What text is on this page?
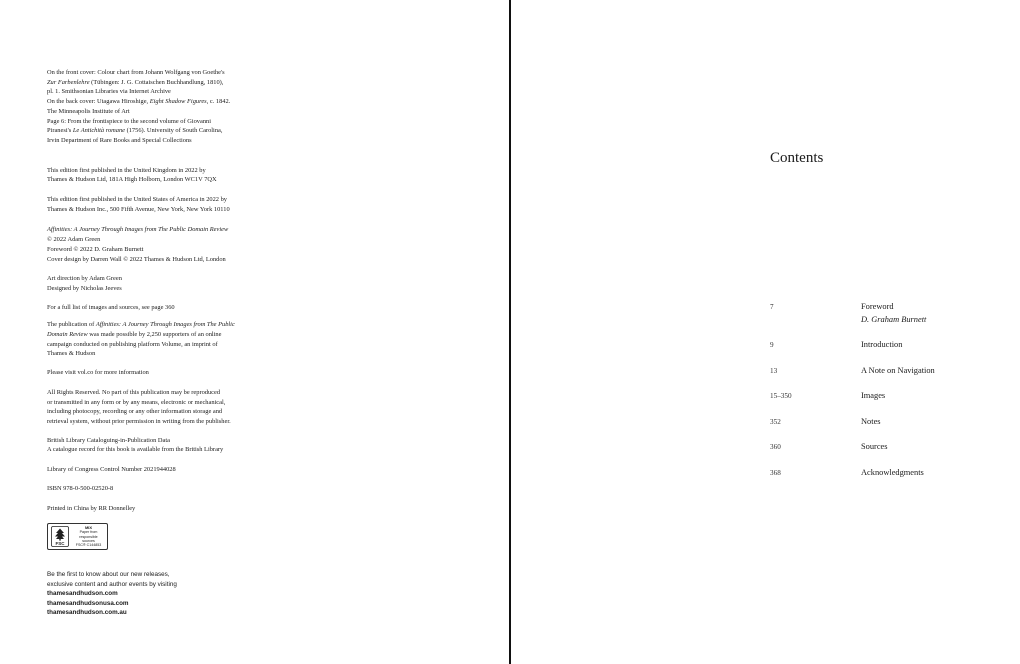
On the front cover: Colour chart from Johann Wolfgang von Goethe's

Zur Farbenlehre (Tübingen: J. G. Cottaischen Buchhandlung, 1810),

pl. 1. Smithsonian Libraries via Internet Archive

On the back cover: Utagawa Hiroshige, Eight Shadow Figures, c. 1842.

The Minneapolis Institute of Art

Page 6: From the frontispiece to the second volume of Giovanni

Piranesi's Le Antichità romane (1756). University of South Carolina,

Irvin Department of Rare Books and Special Collections

This edition first published in the United Kingdom in 2022 by

Thames & Hudson Ltd, 181A High Holborn, London WC1V 7QX

This edition first published in the United States of America in 2022 by

Thames & Hudson Inc., 500 Fifth Avenue, New York, New York 10110

Affinities: A Journey Through Images from The Public Domain Review

© 2022 Adam Green

Foreword © 2022 D. Graham Burnett

Cover design by Darren Wall © 2022 Thames & Hudson Ltd, London

Art direction by Adam Green

Designed by Nicholas Jeeves

For a full list of images and sources, see page 360

The publication of Affinities: A Journey Through Images from The Public

Domain Review was made possible by 2,250 supporters of an online

campaign conducted on publishing platform Volume, an imprint of

Thames & Hudson

Please visit vol.co for more information

All Rights Reserved. No part of this publication may be reproduced

or transmitted in any form or by any means, electronic or mechanical,

including photocopy, recording or any other information storage and

retrieval system, without prior permission in writing from the publisher.

British Library Cataloguing-in-Publication Data

A catalogue record for this book is available from the British Library

Library of Congress Control Number 2021944028

ISBN 978-0-500-02520-8

Printed in China by RR Donnelley

FSC
MIX
Paper from
responsible sources
FSC® C144853

Be the first to know about our new releases,

exclusive content and author events by visiting

thamesandhudson.com

thamesandhudsonusa.com

thamesandhudson.com.au

Contents
7	Foreword
D. Graham Burnett
9	Introduction
13	A Note on Navigation
15–350	Images
352	Notes
360	Sources
368	Acknowledgments
